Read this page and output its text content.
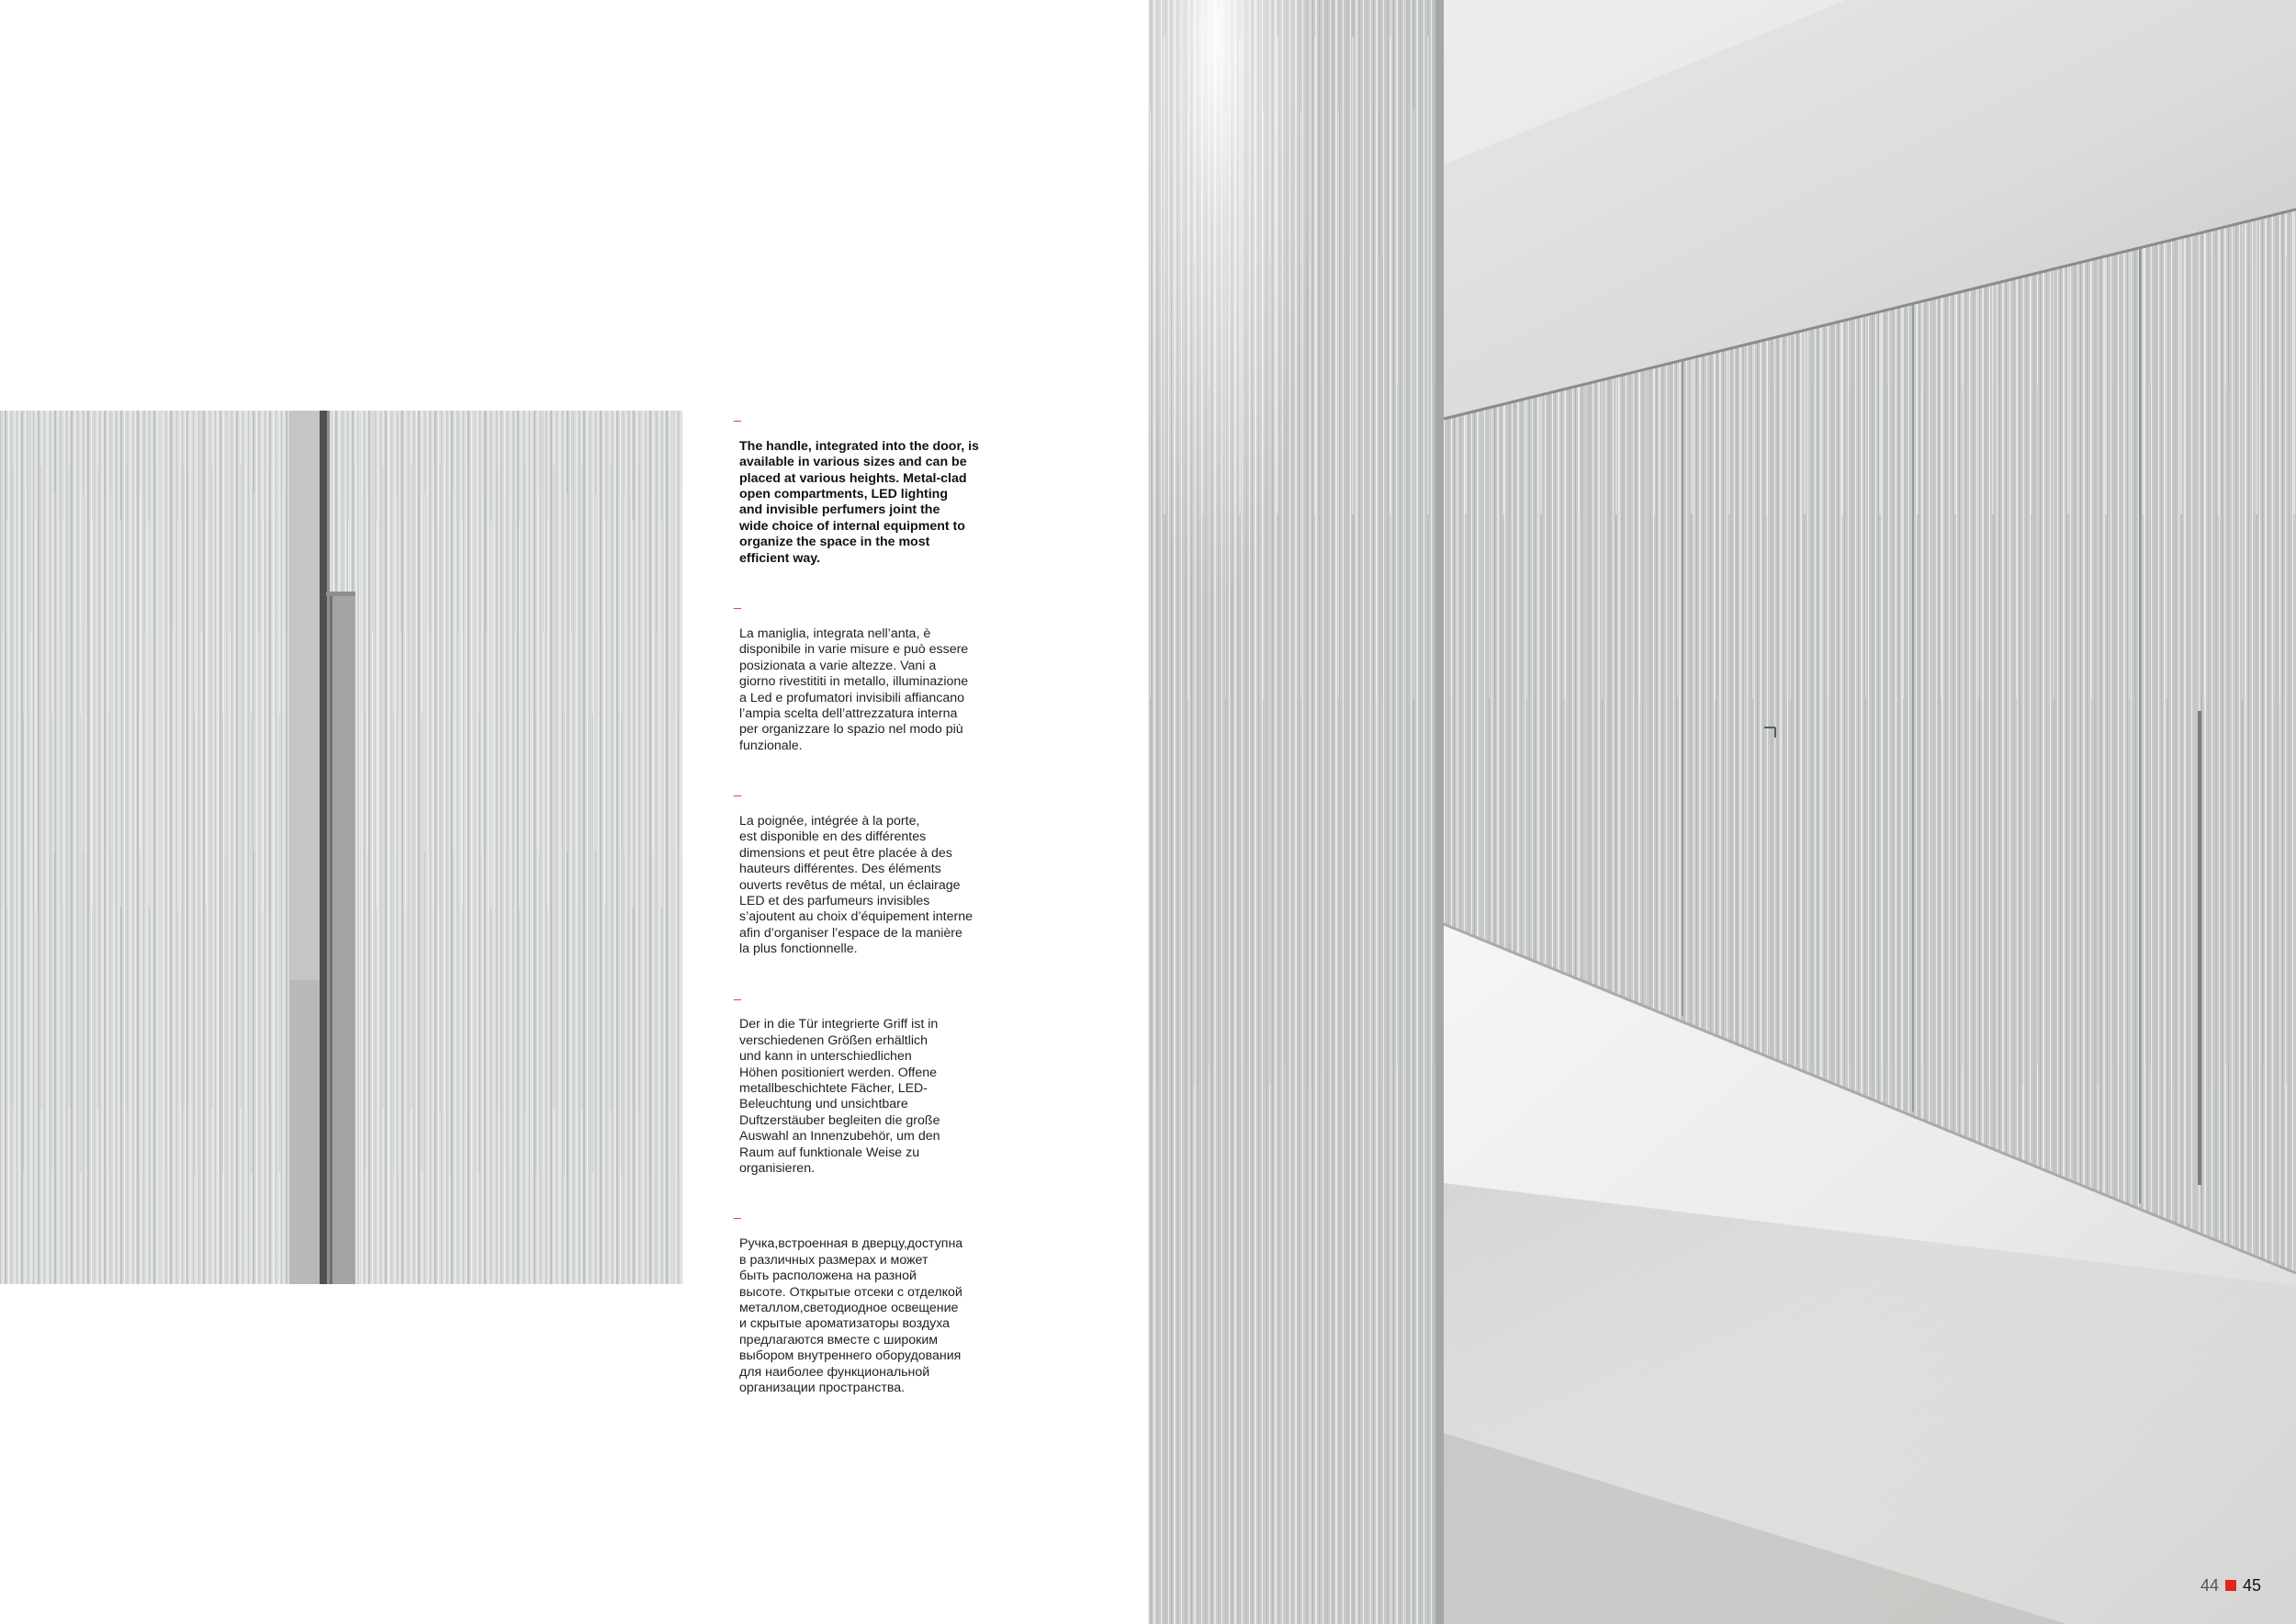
_

The handle, integrated into the door, is
available in various sizes and can be
placed at various heights. Metal-clad
open compartments, LED lighting
and invisible perfumers joint the
wide choice of internal equipment to
organize the space in the most
efficient way.

_

La maniglia, integrata nell’anta, è
disponibile in varie misure e può essere
posizionata a varie altezze. Vani a
giorno rivestititi in metallo, illuminazione
a Led e profumatori invisibili affiancano
l’ampia scelta dell’attrezzatura interna
per organizzare lo spazio nel modo più
funzionale.

_

La poignée, intégrée à la porte,
est disponible en des différentes
dimensions et peut être placée à des
hauteurs différentes. Des éléments
ouverts revêtus de métal, un éclairage
LED et des parfumeurs invisibles
s’ajoutent au choix d’équipement interne
afin d’organiser l’espace de la manière
la plus fonctionnelle.

_

Der in die Tür integrierte Griff ist in
verschiedenen Größen erhältlich
und kann in unterschiedlichen
Höhen positioniert werden. Offene
metallbeschichtete Fächer, LED-
Beleuchtung und unsichtbare
Duftzerstäuber begleiten die große
Auswahl an Innenzubehör, um den
Raum auf funktionale Weise zu
organisieren.

_

Ручка,встроенная в дверцу,доступна
в различных размерах и может
быть расположена на разной
высоте. Открытые отсеки с отделкой
металлом,светодиодное освещение
и скрытые ароматизаторы воздуха
предлагаются вместе с широким
выбором внутреннего оборудования
для наиболее функциональной
организации пространства.

44 45
